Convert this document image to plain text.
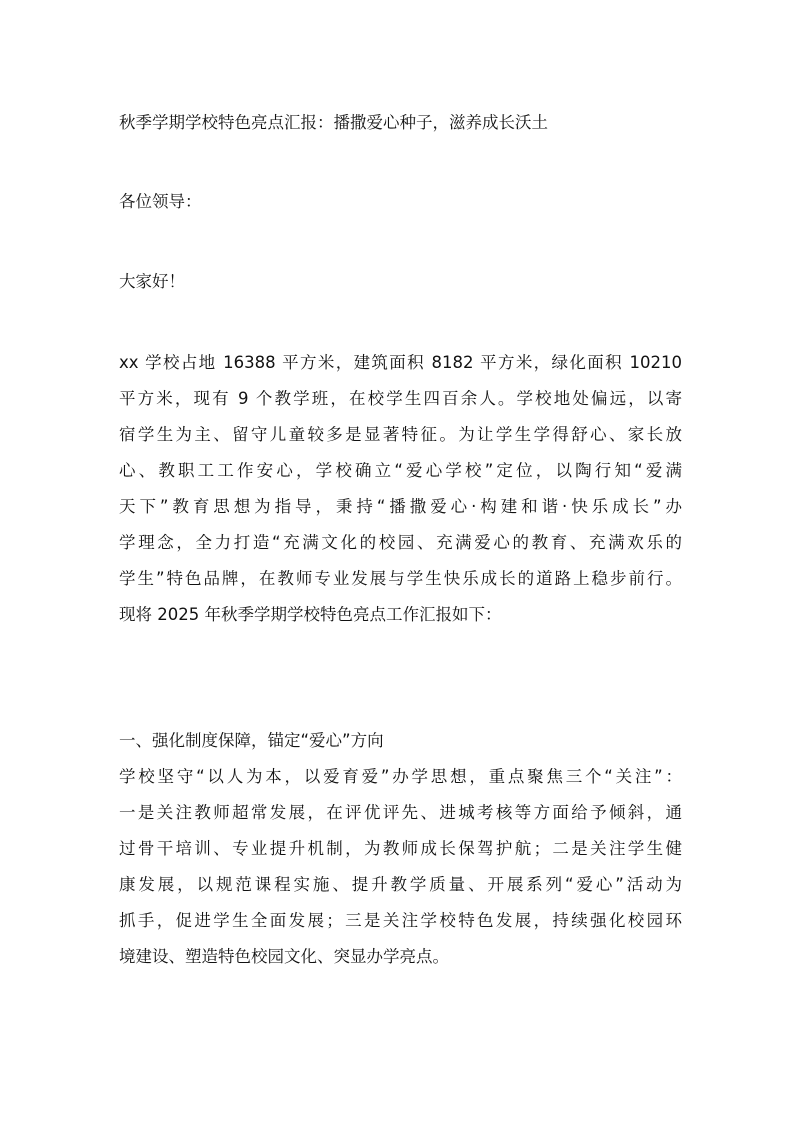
秋季学期学校特色亮点汇报：播撒爱心种子，滋养成长沃土
各位领导：
大家好！
xx 学校占地 16388 平方米，建筑面积 8182 平方米，绿化面积 10210
平方米，现有 9 个教学班，在校学生四百余人。学校地处偏远，以寄
宿学生为主、留守儿童较多是显著特征。为让学生学得舒心、家长放
心、教职工工作安心，学校确立“爱心学校”定位，以陶行知“爱满
天下”教育思想为指导，秉持“播撒爱心·构建和谐·快乐成长”办
学理念，全力打造“充满文化的校园、充满爱心的教育、充满欢乐的
学生”特色品牌，在教师专业发展与学生快乐成长的道路上稳步前行。
现将 2025 年秋季学期学校特色亮点工作汇报如下：
一、强化制度保障，锚定“爱心”方向
学校坚守“以人为本，以爱育爱”办学思想，重点聚焦三个“关注”：
一是关注教师超常发展，在评优评先、进城考核等方面给予倾斜，通
过骨干培训、专业提升机制，为教师成长保驾护航；二是关注学生健
康发展，以规范课程实施、提升教学质量、开展系列“爱心”活动为
抓手，促进学生全面发展；三是关注学校特色发展，持续强化校园环
境建设、塑造特色校园文化、突显办学亮点。
